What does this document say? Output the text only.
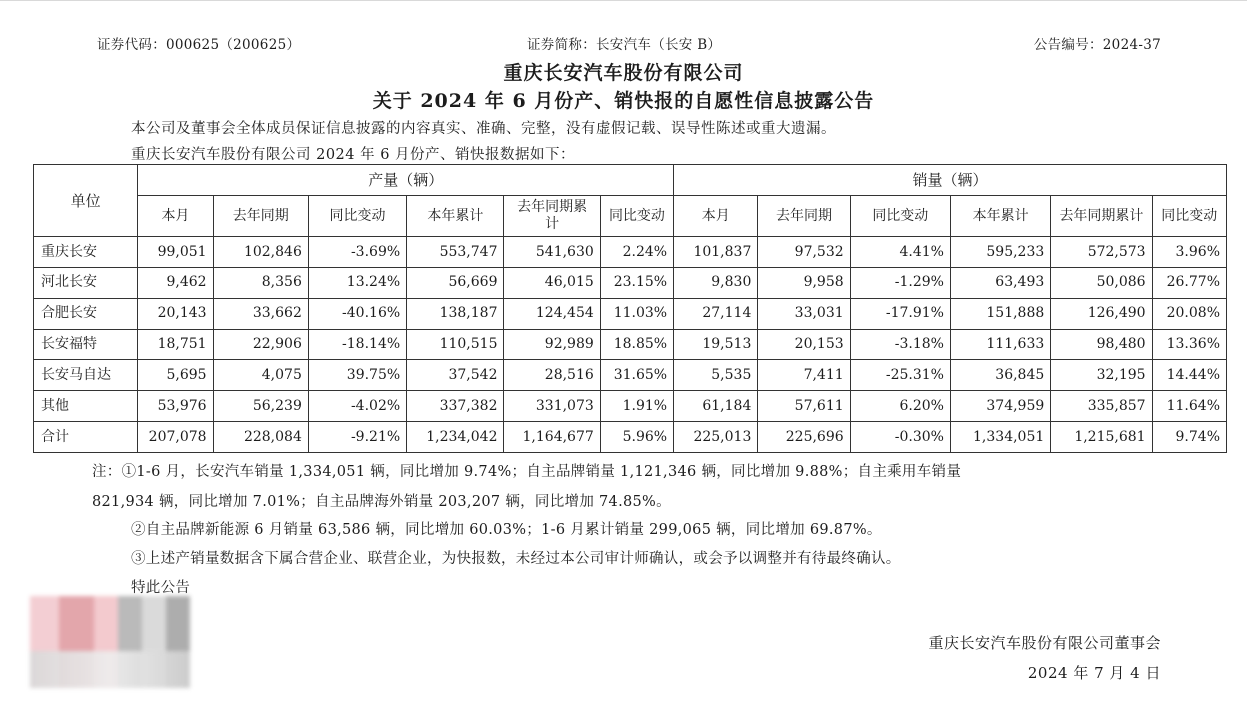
证券代码：000625（200625）	证券简称：长安汽车（长安 B）	公告编号：2024-37
重庆长安汽车股份有限公司
关于 2024 年 6 月份产、销快报的自愿性信息披露公告
本公司及董事会全体成员保证信息披露的内容真实、准确、完整，没有虚假记载、误导性陈述或重大遗漏。
重庆长安汽车股份有限公司 2024 年 6 月份产、销快报数据如下：
单位	产量（辆）						销量（辆）					
	本月	去年同期	同比变动	本年累计	去年同期累计	同比变动	本月	去年同期	同比变动	本年累计	去年同期累计	同比变动
重庆长安	99,051	102,846	-3.69%	553,747	541,630	2.24%	101,837	97,532	4.41%	595,233	572,573	3.96%
河北长安	9,462	8,356	13.24%	56,669	46,015	23.15%	9,830	9,958	-1.29%	63,493	50,086	26.77%
合肥长安	20,143	33,662	-40.16%	138,187	124,454	11.03%	27,114	33,031	-17.91%	151,888	126,490	20.08%
长安福特	18,751	22,906	-18.14%	110,515	92,989	18.85%	19,513	20,153	-3.18%	111,633	98,480	13.36%
长安马自达	5,695	4,075	39.75%	37,542	28,516	31.65%	5,535	7,411	-25.31%	36,845	32,195	14.44%
其他	53,976	56,239	-4.02%	337,382	331,073	1.91%	61,184	57,611	6.20%	374,959	335,857	11.64%
合计	207,078	228,084	-9.21%	1,234,042	1,164,677	5.96%	225,013	225,696	-0.30%	1,334,051	1,215,681	9.74%
注：①1-6 月，长安汽车销量 1,334,051 辆，同比增加 9.74%；自主品牌销量 1,121,346 辆，同比增加 9.88%；自主乘用车销量
821,934 辆，同比增加 7.01%；自主品牌海外销量 203,207 辆，同比增加 74.85%。
②自主品牌新能源 6 月销量 63,586 辆，同比增加 60.03%；1-6 月累计销量 299,065 辆，同比增加 69.87%。
③上述产销量数据含下属合营企业、联营企业，为快报数，未经过本公司审计师确认，或会予以调整并有待最终确认。
特此公告
重庆长安汽车股份有限公司董事会
2024 年 7 月 4 日
